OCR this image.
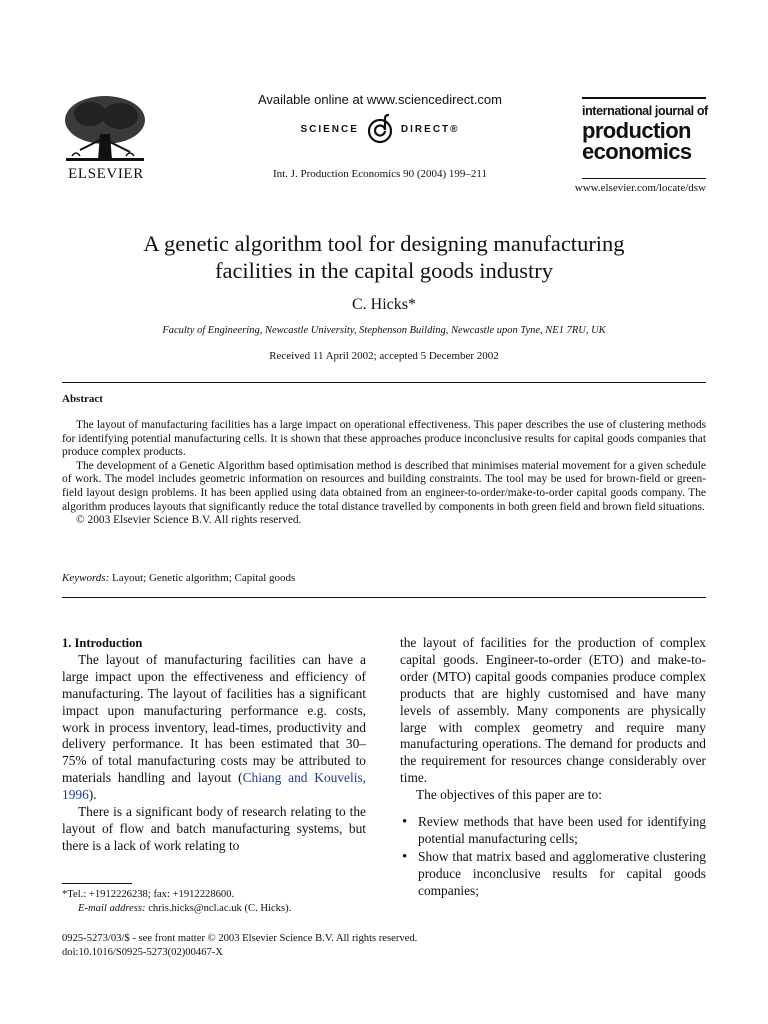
ELSEVIER
Available online at www.sciencedirect.com
SCIENCE	DIRECT®
Int. J. Production Economics 90 (2004) 199–211
international journal of
production
economics
www.elsevier.com/locate/dsw
A genetic algorithm tool for designing manufacturing
facilities in the capital goods industry
C. Hicks*
Faculty of Engineering, Newcastle University, Stephenson Building, Newcastle upon Tyne, NE1 7RU, UK
Received 11 April 2002; accepted 5 December 2002
Abstract

The layout of manufacturing facilities has a large impact on operational effectiveness. This paper describes the use of clustering methods for identifying potential manufacturing cells. It is shown that these approaches produce inconclusive results for capital goods companies that produce complex products.

The development of a Genetic Algorithm based optimisation method is described that minimises material movement for a given schedule of work. The model includes geometric information on resources and building constraints. The tool may be used for brown-field or green-field layout design problems. It has been applied using data obtained from an engineer-to-order/make-to-order capital goods company. The algorithm produces layouts that significantly reduce the total distance travelled by components in both green field and brown field situations.

© 2003 Elsevier Science B.V. All rights reserved.

Keywords: Layout; Genetic algorithm; Capital goods

1. Introduction

The layout of manufacturing facilities can have a large impact upon the effectiveness and efficiency of manufacturing. The layout of facilities has a significant impact upon manufacturing performance e.g. costs, work in process inventory, lead-times, productivity and delivery performance. It has been estimated that 30–75% of total manufacturing costs may be attributed to materials handling and layout (Chiang and Kouvelis, 1996).

There is a significant body of research relating to the layout of flow and batch manufacturing systems, but there is a lack of work relating to

the layout of facilities for the production of complex capital goods. Engineer-to-order (ETO) and make-to-order (MTO) capital goods companies produce complex products that are highly customised and have many levels of assembly. Many components are physically large with complex geometry and require many manufacturing operations. The demand for products and the requirement for resources change considerably over time.

The objectives of this paper are to:

• Review methods that have been used for identifying potential manufacturing cells;
• Show that matrix based and agglomerative clustering produce inconclusive results for capital goods companies;
*Tel.: +1912226238; fax: +1912228600.
E-mail address: chris.hicks@ncl.ac.uk (C. Hicks).
0925-5273/03/$ - see front matter © 2003 Elsevier Science B.V. All rights reserved.
doi:10.1016/S0925-5273(02)00467-X
